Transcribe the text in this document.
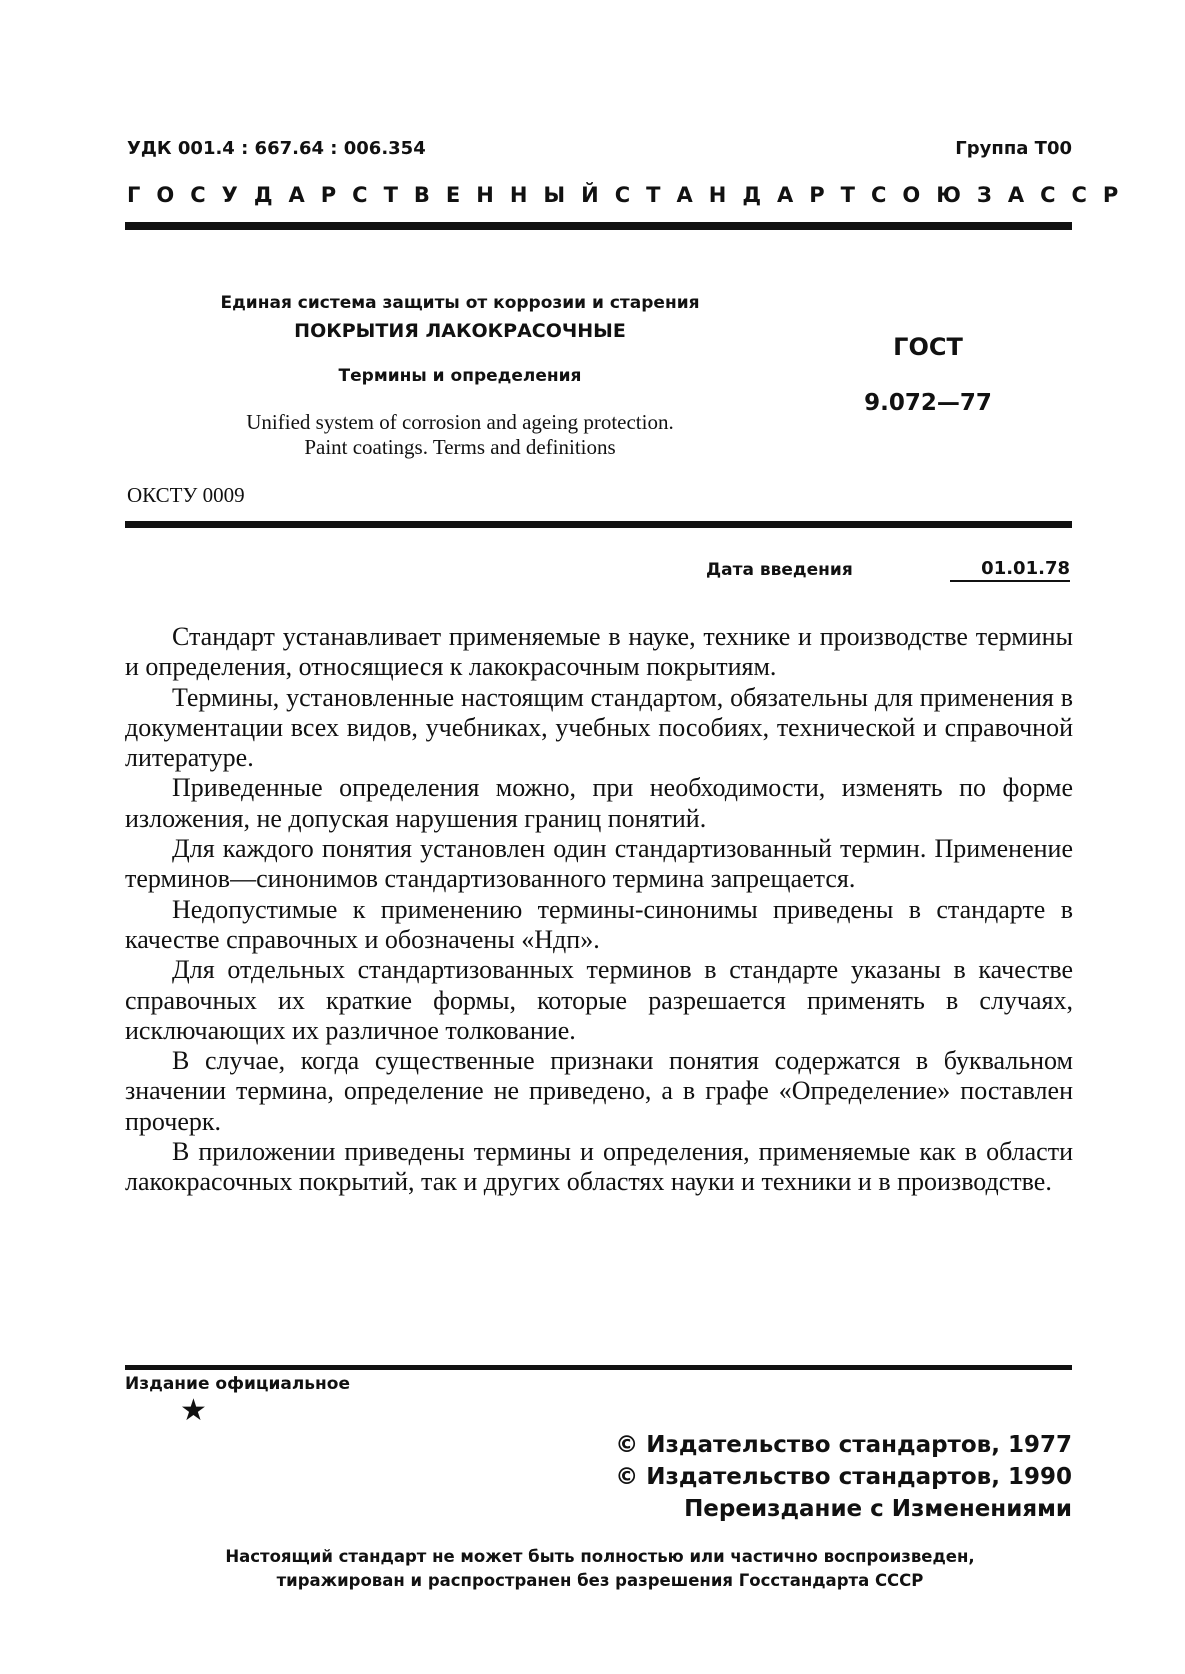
УДК 001.4 : 667.64 : 006.354	Группа Т00
ГОСУДАРСТВЕННЫЙ СТАНДАРТ СОЮЗА ССР
Единая система защиты от коррозии и старения
ПОКРЫТИЯ ЛАКОКРАСОЧНЫЕ
Термины и определения
Unified system of corrosion and ageing protection.
Paint coatings. Terms and definitions
ГОСТ
9.072—77
ОКСТУ 0009
Дата введения	01.01.78

Стандарт устанавливает применяемые в науке, технике и производстве термины и определения, относящиеся к лакокрасочным покрытиям.

Термины, установленные настоящим стандартом, обязательны для применения в документации всех видов, учебниках, учебных пособиях, технической и справочной литературе.

Приведенные определения можно, при необходимости, изменять по форме изложения, не допуская нарушения границ понятий.

Для каждого понятия установлен один стандартизованный термин. Применение терминов—синонимов стандартизованного термина запрещается.

Недопустимые к применению термины-синонимы приведены в стандарте в качестве справочных и обозначены «Ндп».

Для отдельных стандартизованных терминов в стандарте указаны в качестве справочных их краткие формы, которые разрешается применять в случаях, исключающих их различное толкование.

В случае, когда существенные признаки понятия содержатся в буквальном значении термина, определение не приведено, а в графе «Определение» поставлен прочерк.

В приложении приведены термины и определения, применяемые как в области лакокрасочных покрытий, так и других областях науки и техники и в производстве.

Издание официальное
★
© Издательство стандартов, 1977
© Издательство стандартов, 1990
Переиздание с Изменениями
Настоящий стандарт не может быть полностью или частично воспроизведен,
тиражирован и распространен без разрешения Госстандарта СССР
